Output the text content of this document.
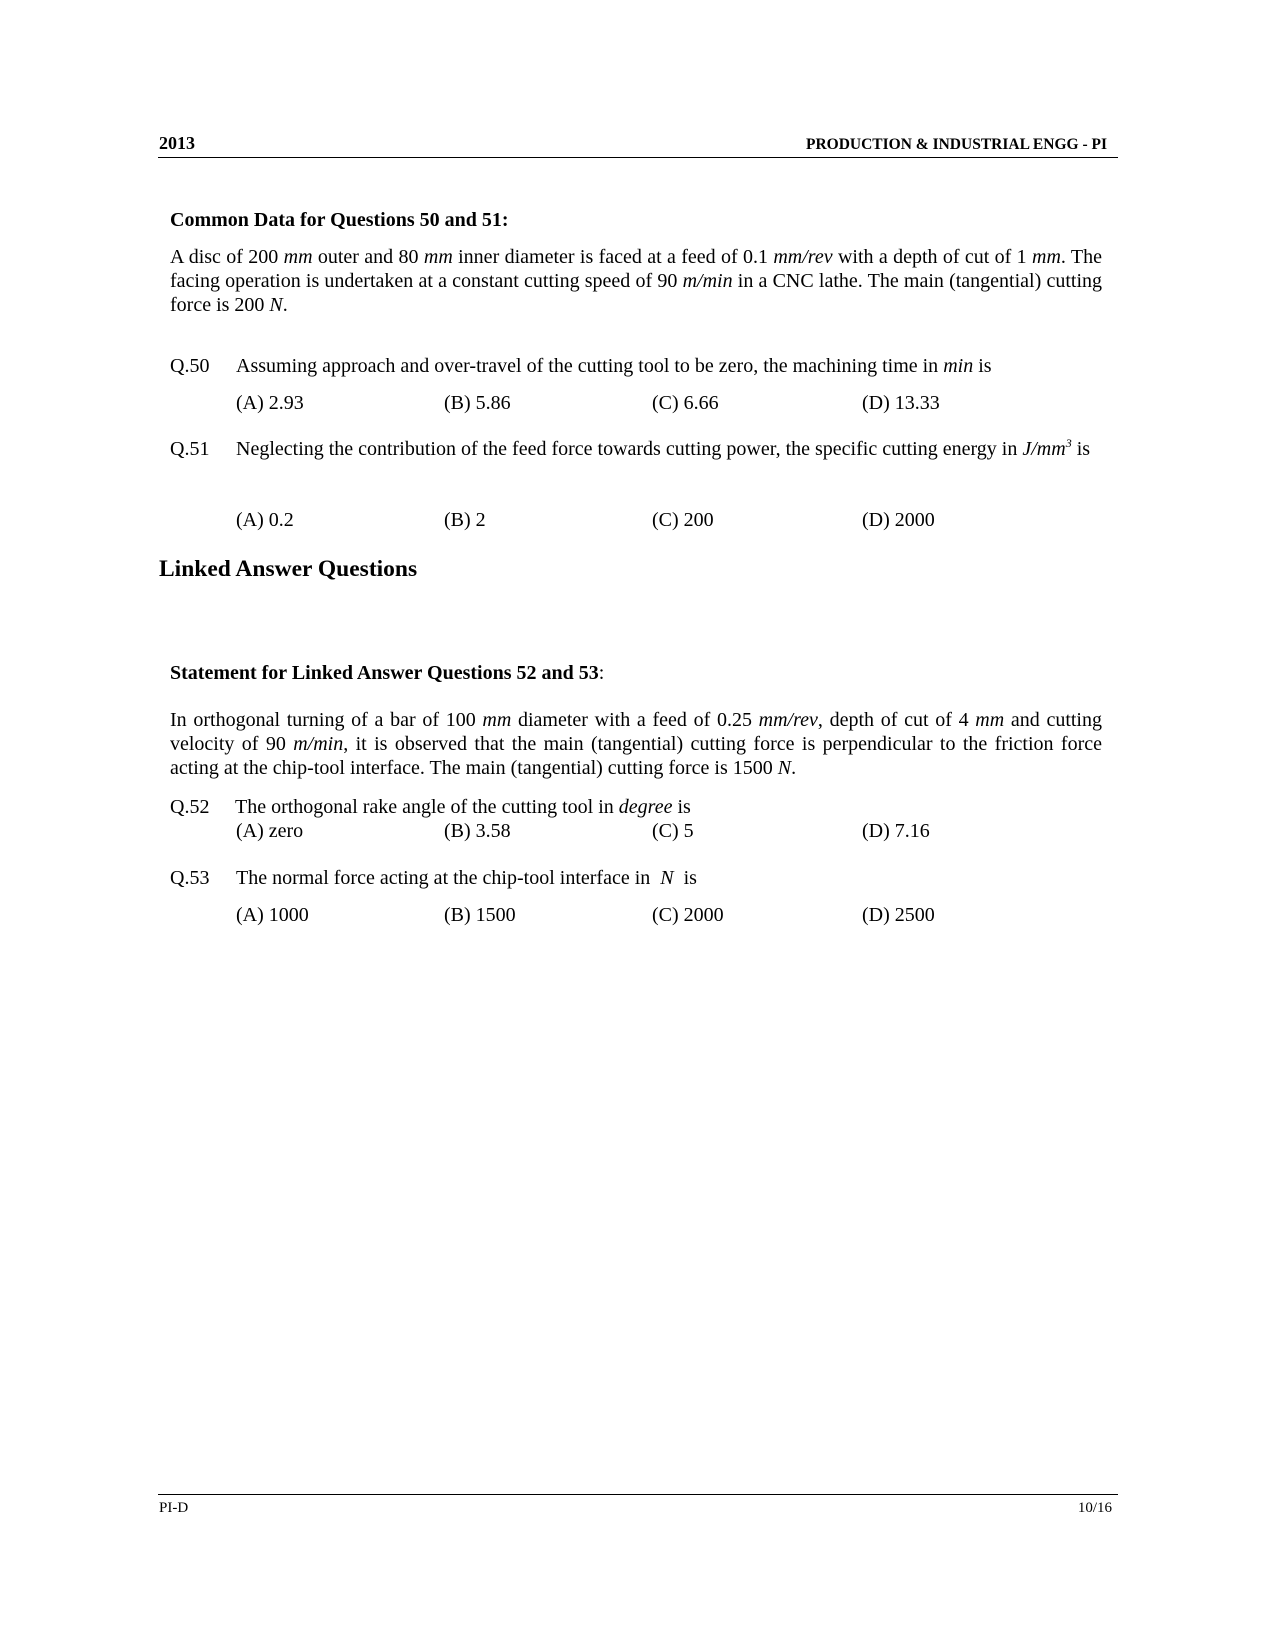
2013	PRODUCTION & INDUSTRIAL ENGG - PI
Common Data for Questions 50 and 51:
A disc of 200 mm outer and 80 mm inner diameter is faced at a feed of 0.1 mm/rev with a depth of cut of 1 mm. The facing operation is undertaken at a constant cutting speed of 90 m/min in a CNC lathe. The main (tangential) cutting force is 200 N.
Q.50 Assuming approach and over-travel of the cutting tool to be zero, the machining time in min is
(A) 2.93	(B) 5.86	(C) 6.66	(D) 13.33
Q.51 Neglecting the contribution of the feed force towards cutting power, the specific cutting energy in $J/mm^3$ is
(A) 0.2	(B) 2	(C) 200	(D) 2000
Linked Answer Questions
Statement for Linked Answer Questions 52 and 53:
In orthogonal turning of a bar of 100 mm diameter with a feed of 0.25 mm/rev, depth of cut of 4 mm and cutting velocity of 90 m/min, it is observed that the main (tangential) cutting force is perpendicular to the friction force acting at the chip-tool interface. The main (tangential) cutting force is 1500 N.
Q.52 The orthogonal rake angle of the cutting tool in degree is
(A) zero	(B) 3.58	(C) 5	(D) 7.16
Q.53 The normal force acting at the chip-tool interface in  N  is
(A) 1000	(B) 1500	(C) 2000	(D) 2500
PI-D	10/16
